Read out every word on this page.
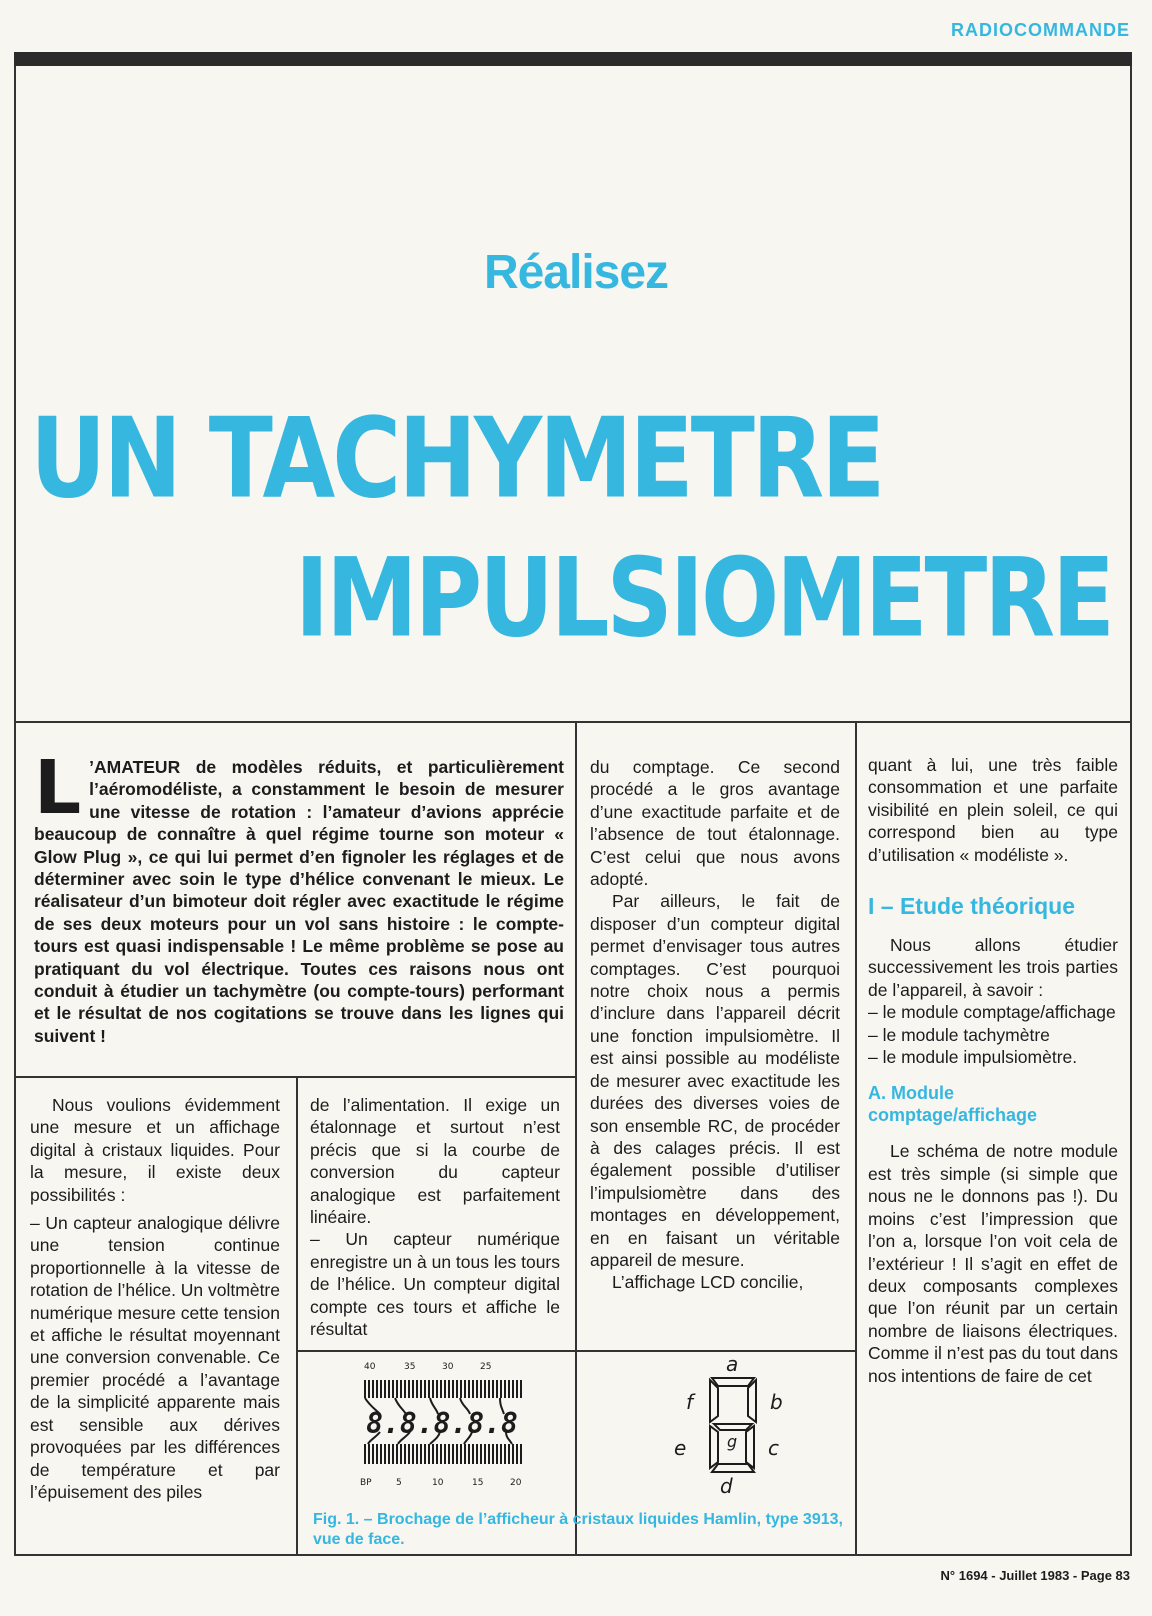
RADIOCOMMANDE
Réalisez
UN TACHYMETRE
IMPULSIOMETRE
L ’AMATEUR de modèles réduits, et particulièrement l’aéromodéliste, a constamment le besoin de mesurer une vitesse de rotation : l’amateur d’avions apprécie beaucoup de connaître à quel régime tourne son moteur « Glow Plug », ce qui lui permet d’en fignoler les réglages et de déterminer avec soin le type d’hélice convenant le mieux. Le réalisateur d’un bimoteur doit régler avec exactitude le régime de ses deux moteurs pour un vol sans histoire : le compte-tours est quasi indispensable ! Le même problème se pose au pratiquant du vol électrique. Toutes ces raisons nous ont conduit à étudier un tachymètre (ou compte-tours) performant et le résultat de nos cogitations se trouve dans les lignes qui suivent !

Nous voulions évidemment une mesure et un affichage digital à cristaux liquides. Pour la mesure, il existe deux possibilités :

– Un capteur analogique délivre une tension continue proportionnelle à la vitesse de rotation de l’hélice. Un voltmètre numérique mesure cette tension et affiche le résultat moyennant une conversion convenable. Ce premier procédé a l’avantage de la simplicité apparente mais est sensible aux dérives provoquées par les différences de température et par l’épuisement des piles

de l’alimentation. Il exige un étalonnage et surtout n’est précis que si la courbe de conversion du capteur analogique est parfaitement linéaire.

– Un capteur numérique enregistre un à un tous les tours de l’hélice. Un compteur digital compte ces tours et affiche le résultat

du comptage. Ce second procédé a le gros avantage d’une exactitude parfaite et de l’absence de tout étalonnage. C’est celui que nous avons adopté.

Par ailleurs, le fait de disposer d’un compteur digital permet d’envisager tous autres comptages. C’est pourquoi notre choix nous a permis d’inclure dans l’appareil décrit une fonction impulsiomètre. Il est ainsi possible au modéliste de mesurer avec exactitude les durées des diverses voies de son ensemble RC, de procéder à des calages précis. Il est également possible d’utiliser l’impulsiomètre dans des montages en développement, en en faisant un véritable appareil de mesure.

L’affichage LCD concilie,

quant à lui, une très faible consommation et une parfaite visibilité en plein soleil, ce qui correspond bien au type d’utilisation « modéliste ».

I – Etude théorique

Nous allons étudier successivement les trois parties de l’appareil, à savoir :

– le module comptage/affichage

– le module tachymètre

– le module impulsiomètre.

A. Module comptage/affichage

Le schéma de notre module est très simple (si simple que nous ne le donnons pas !). Du moins c’est l’impression que l’on a, lorsque l’on voit cela de l’extérieur ! Il s’agit en effet de deux composants complexes que l’on réunit par un certain nombre de liaisons électriques. Comme il n’est pas du tout dans nos intentions de faire de cet

40	35	30	25
8.8.8.8.8
BP	5	10	15	20
a
b
c
d
e
f
g
Fig. 1. – Brochage de l’afficheur à cristaux liquides Hamlin, type 3913, vue de face.
N° 1694 - Juillet 1983 - Page 83
